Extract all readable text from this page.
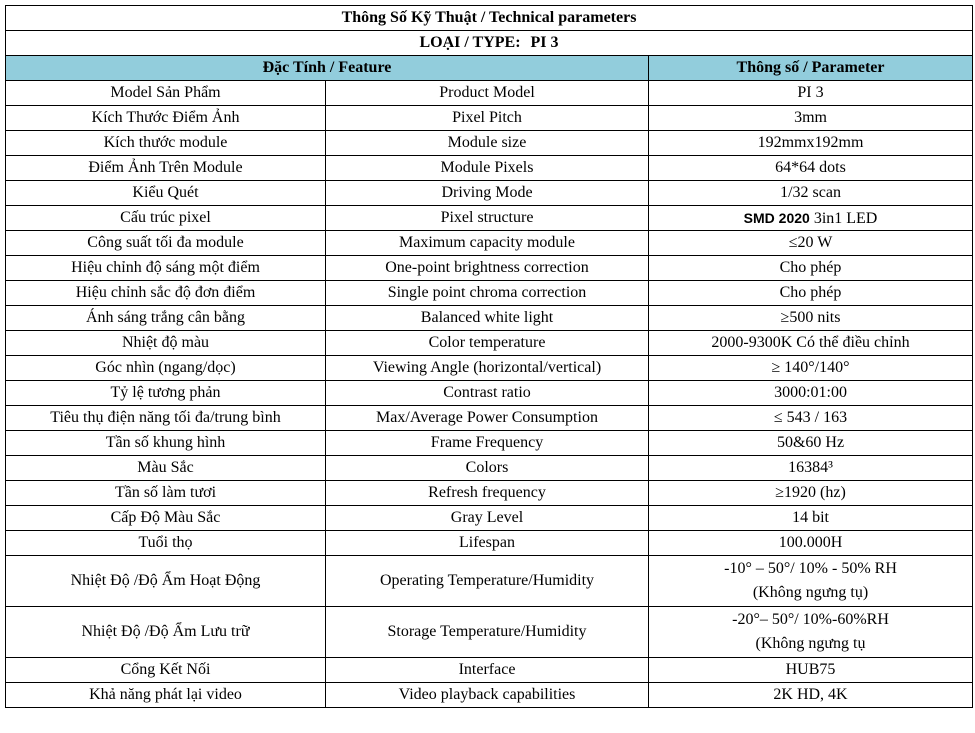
Thông Số Kỹ Thuật / Technical parameters		
LOẠI / TYPE: PI 3		
Đặc Tính / Feature		Thông số / Parameter
Model Sản Phẩm	Product Model	PI 3
Kích Thước Điểm Ảnh	Pixel Pitch	3mm
Kích thước module	Module size	192mmx192mm
Điểm Ảnh Trên Module	Module Pixels	64*64 dots
Kiểu Quét	Driving Mode	1/32 scan
Cấu trúc pixel	Pixel structure	SMD 2020 3in1 LED
Công suất tối đa module	Maximum capacity module	≤20 W
Hiệu chỉnh độ sáng một điểm	One-point brightness correction	Cho phép
Hiệu chỉnh sắc độ đơn điểm	Single point chroma correction	Cho phép
Ánh sáng trắng cân bằng	Balanced white light	≥500 nits
Nhiệt độ màu	Color temperature	2000-9300K Có thể điều chỉnh
Góc nhìn (ngang/dọc)	Viewing Angle (horizontal/vertical)	≥ 140°/140°
Tỷ lệ tương phản	Contrast ratio	3000:01:00
Tiêu thụ điện năng tối đa/trung bình	Max/Average Power Consumption	≤ 543 / 163
Tần số khung hình	Frame Frequency	50&60 Hz
Màu Sắc	Colors	16384³
Tần số làm tươi	Refresh frequency	≥1920 (hz)
Cấp Độ Màu Sắc	Gray Level	14 bit
Tuổi thọ	Lifespan	100.000H
Nhiệt Độ /Độ Ẩm Hoạt Động	Operating Temperature/Humidity	-10° – 50°/ 10% - 50% RH
(Không ngưng tụ)
Nhiệt Độ /Độ Ẩm Lưu trữ	Storage Temperature/Humidity	-20°– 50°/ 10%-60%RH
(Không ngưng tụ
Cổng Kết Nối	Interface	HUB75
Khả năng phát lại video	Video playback capabilities	2K HD, 4K
